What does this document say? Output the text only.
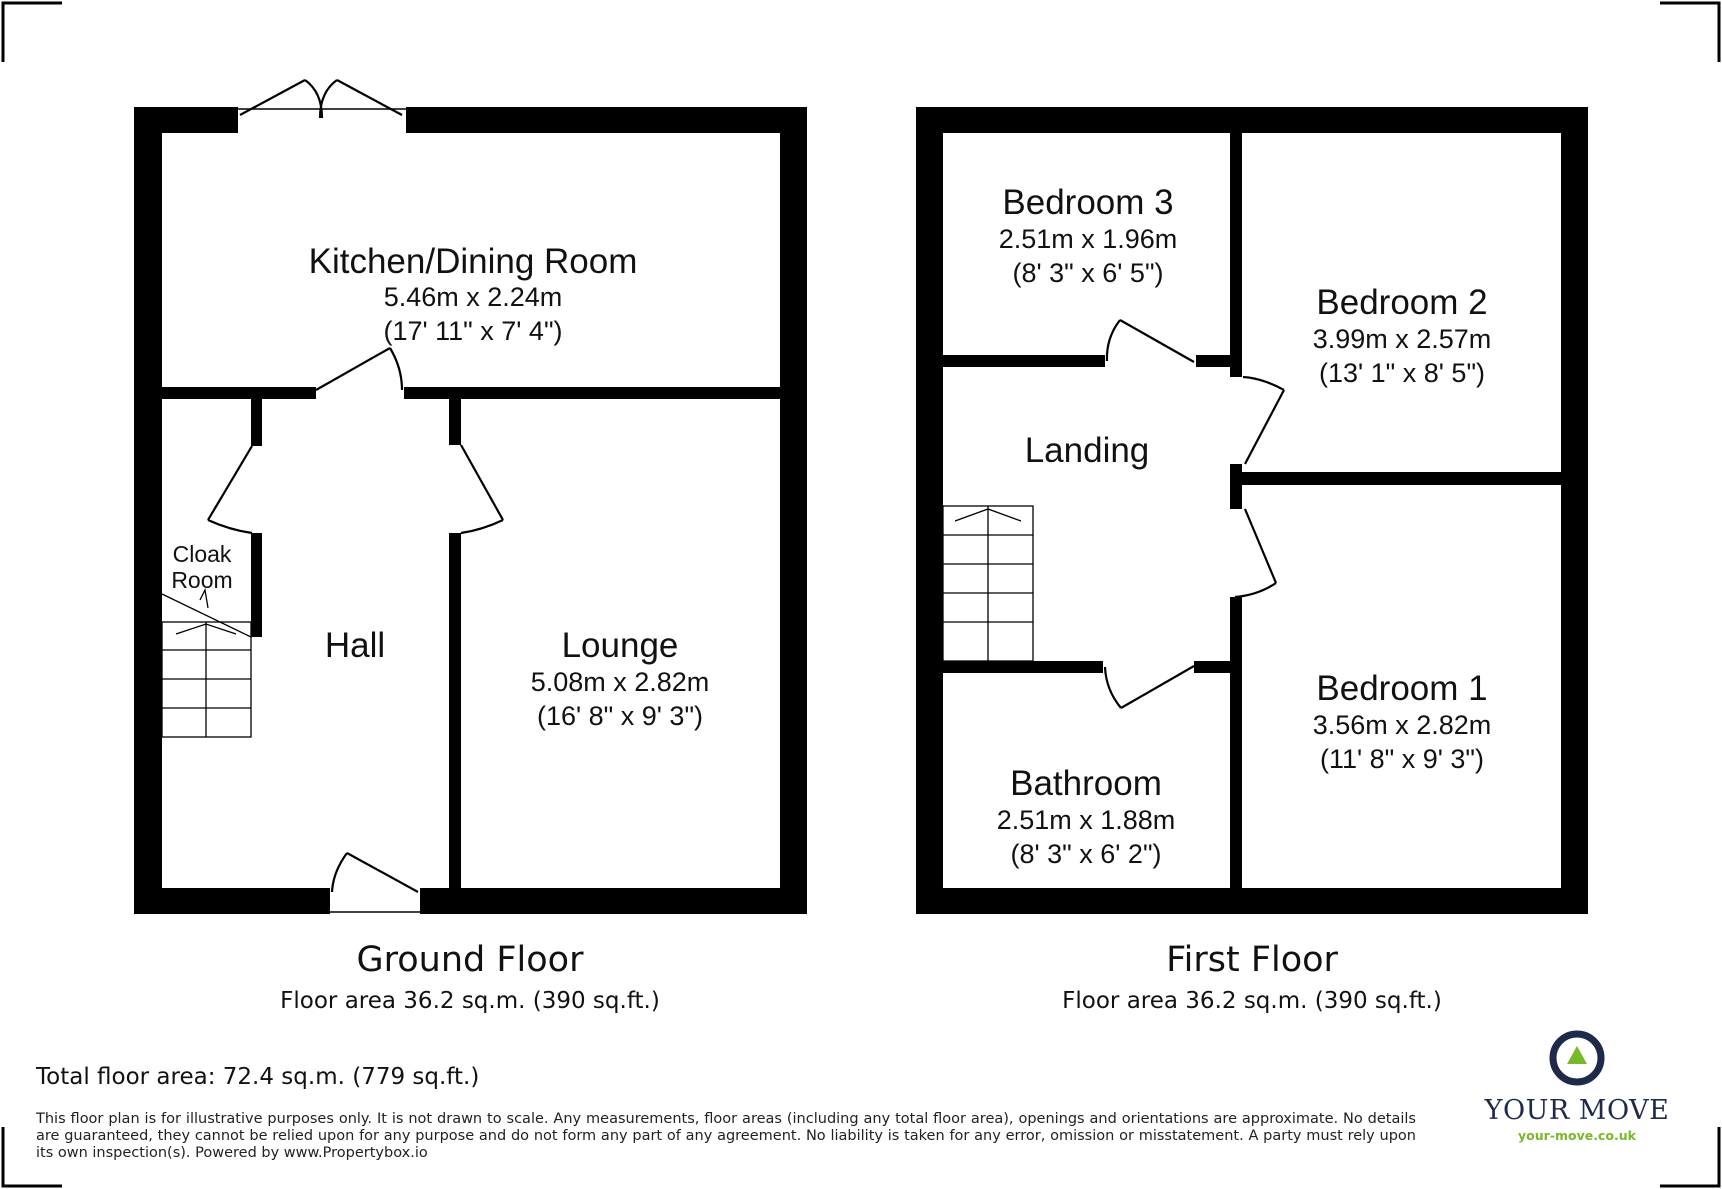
Kitchen/Dining Room
5.46m x 2.24m
(17' 11" x 7' 4")
Cloak
Room
Hall	Lounge
5.08m x 2.82m
(16' 8" x 9' 3")
Ground Floor
Floor area 36.2 sq.m. (390 sq.ft.)
Bedroom 3
2.51m x 1.96m
(8' 3" x 6' 5")
Bedroom 2
3.99m x 2.57m
(13' 1" x 8' 5")
Landing
Bedroom 1
3.56m x 2.82m
(11' 8" x 9' 3")
Bathroom
2.51m x 1.88m
(8' 3" x 6' 2")
First Floor
Floor area 36.2 sq.m. (390 sq.ft.)
Total floor area: 72.4 sq.m. (779 sq.ft.)
This floor plan is for illustrative purposes only. It is not drawn to scale. Any measurements, floor areas (including any total floor area), openings and orientations are approximate. No details are guaranteed, they cannot be relied upon for any purpose and do not form any part of any agreement. No liability is taken for any error, omission or misstatement. A party must rely upon its own inspection(s). Powered by www.Propertybox.io
YOUR MOVE
your-move.co.uk
